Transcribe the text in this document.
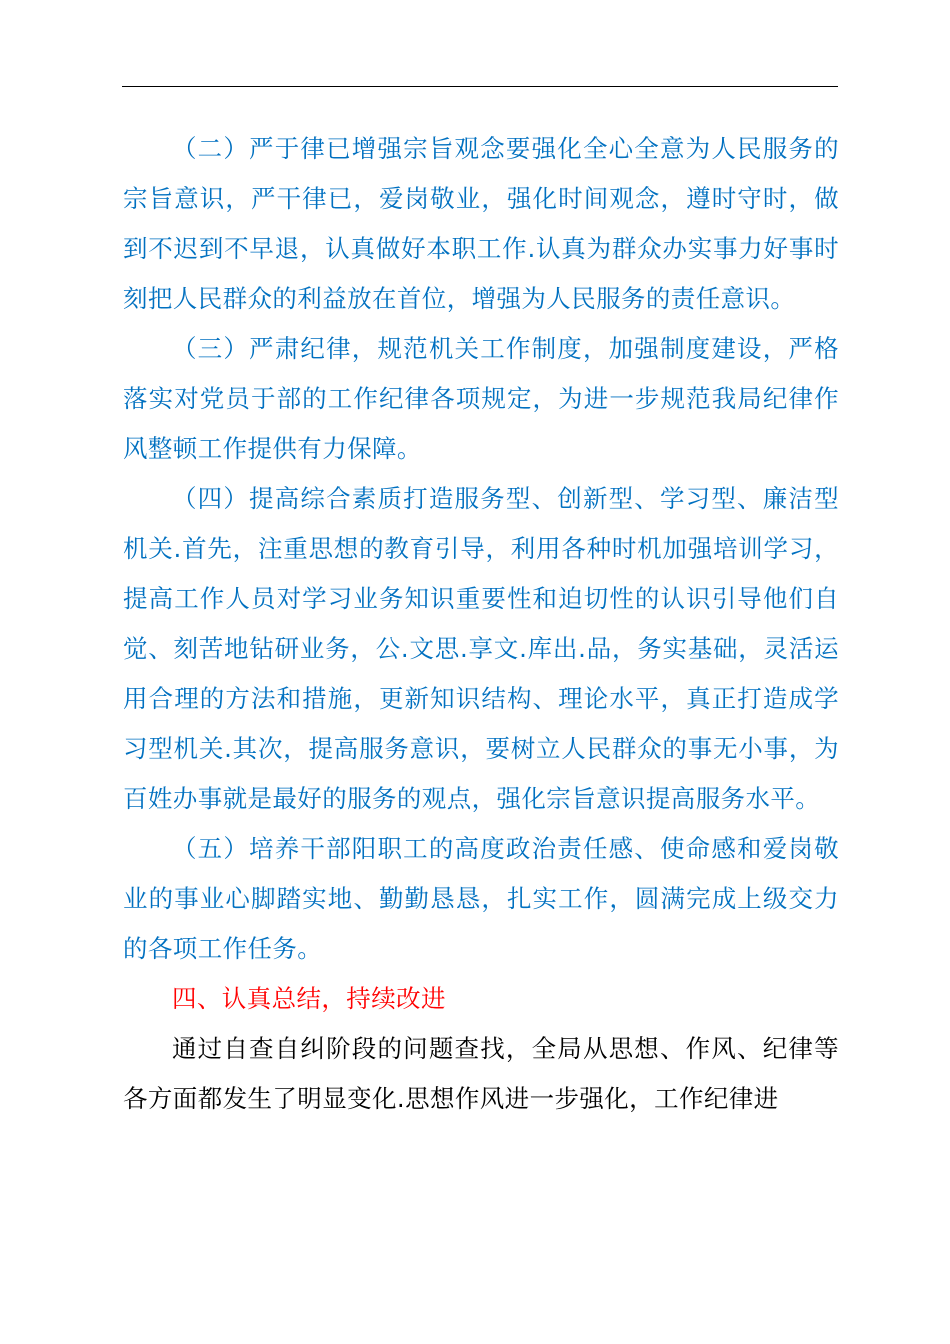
（二）严于律已增强宗旨观念要强化全心全意为人民服务的宗旨意识，严干律已，爱岗敬业，强化时间观念，遵时守时，做到不迟到不早退，认真做好本职工作.认真为群众办实事力好事时刻把人民群众的利益放在首位，增强为人民服务的责任意识。

（三）严肃纪律，规范机关工作制度，加强制度建设，严格落实对党员于部的工作纪律各项规定，为进一步规范我局纪律作风整顿工作提供有力保障。

（四）提高综合素质打造服务型、创新型、学习型、廉洁型机关.首先，注重思想的教育引导，利用各种时机加强培训学习，提高工作人员对学习业务知识重要性和迫切性的认识引导他们自觉、刻苦地钻研业务，公.文思.享文.库出.品，务实基础，灵活运用合理的方法和措施，更新知识结构、理论水平，真正打造成学习型机关.其次，提高服务意识，要树立人民群众的事无小事，为百姓办事就是最好的服务的观点，强化宗旨意识提高服务水平。

（五）培养干部阳职工的高度政治责任感、使命感和爱岗敬业的事业心脚踏实地、勤勤恳恳，扎实工作，圆满完成上级交力的各项工作任务。

四、认真总结，持续改进

通过自查自纠阶段的问题查找，全局从思想、作风、纪律等各方面都发生了明显变化.思想作风进一步强化，工作纪律进
